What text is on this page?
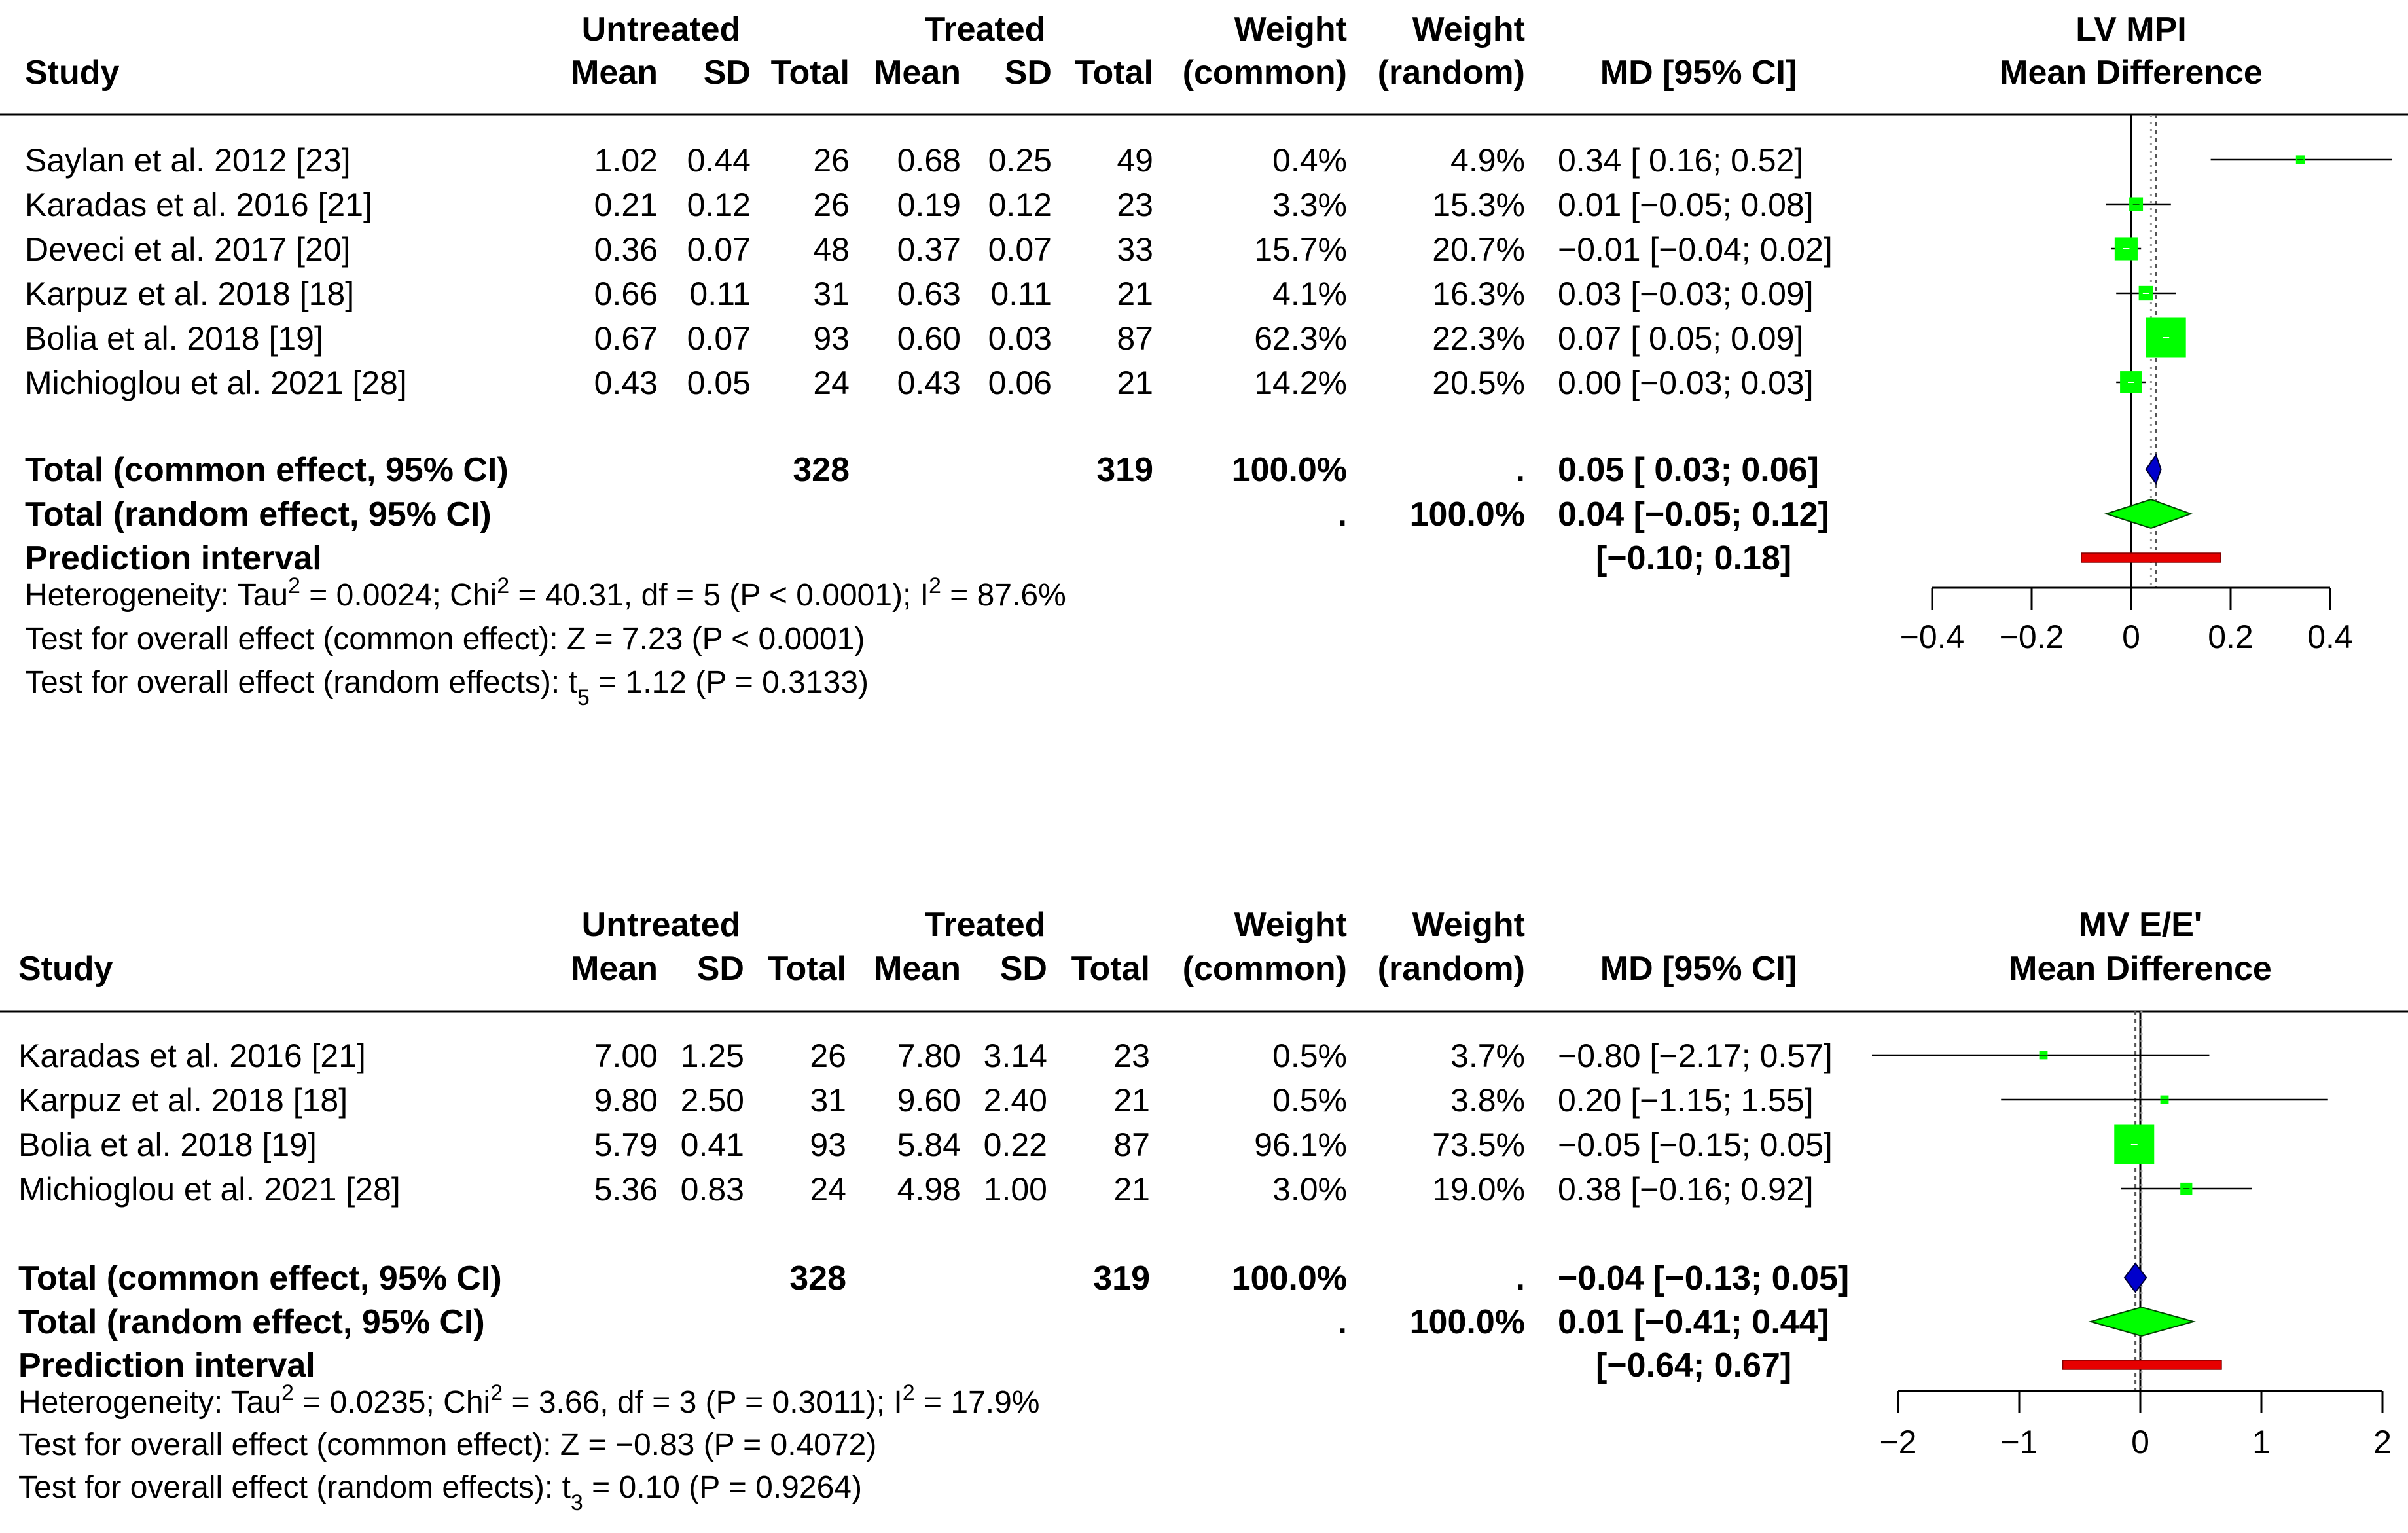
Untreated	Treated	Weight Weight	LV MPI
Study	Mean SD Total Mean SD Total (common) (random) MD [95% CI]	Mean Difference
Saylan et al. 2012 [23]	1.02 0.44 26 0.68 0.25 49	0.4%	4.9% 0.34 [ 0.16; 0.52]
Karadas et al. 2016 [21]	0.21 0.12 26 0.19 0.12 23	3.3%	15.3% 0.01 [−0.05; 0.08]
Deveci et al. 2017 [20]	0.36 0.07 48 0.37 0.07 33	15.7%	20.7% −0.01 [−0.04; 0.02]
Karpuz et al. 2018 [18]	0.66 0.11 31 0.63 0.11 21	4.1%	16.3% 0.03 [−0.03; 0.09]
Bolia et al. 2018 [19]	0.67 0.07 93 0.60 0.03 87	62.3%	22.3% 0.07 [ 0.05; 0.09]
Michioglou et al. 2021 [28]	0.43 0.05 24 0.43 0.06 21	14.2%	20.5% 0.00 [−0.03; 0.03]
Total (common effect, 95% CI)	328	319 100.0%	. 0.05 [ 0.03; 0.06]
Total (random effect, 95% CI)	. 100.0% 0.04 [−0.05; 0.12]
Prediction interval	[−0.10; 0.18]
−0.4 −0.2 0 0.2 0.4
Heterogeneity: Tau$^2$ = 0.0024; Chi$^2$ = 40.31, df = 5 (P < 0.0001); $I^2 = 87.6\%$
Test for overall effect (common effect): Z = 7.23 (P < 0.0001)
Test for overall effect (random effects): $t_5 = 1.12$ (P = 0.3133)
Untreated	Treated	Weight Weight	MV E/E'
Study	Mean SD Total Mean SD Total (common) (random) MD [95% CI]	Mean Difference
Karadas et al. 2016 [21]	7.00 1.25 26 7.80 3.14 23	0.5%	3.7% −0.80 [−2.17; 0.57]
Karpuz et al. 2018 [18]	9.80 2.50 31 9.60 2.40 21	0.5%	3.8% 0.20 [−1.15; 1.55]
Bolia et al. 2018 [19]	5.79 0.41 93 5.84 0.22 87	96.1%	73.5% −0.05 [−0.15; 0.05]
Michioglou et al. 2021 [28]	5.36 0.83 24 4.98 1.00 21	3.0%	19.0% 0.38 [−0.16; 0.92]
Total (common effect, 95% CI)	328	319 100.0%	. −0.04 [−0.13; 0.05]
Total (random effect, 95% CI)	. 100.0% 0.01 [−0.41; 0.44]
Prediction interval	[−0.64; 0.67]
−2	−1	0	1	2
Heterogeneity: Tau$^2$ = 0.0235; Chi$^2$ = 3.66, df = 3 (P = 0.3011); $I^2 = 17.9\%$
Test for overall effect (common effect): Z = −0.83 (P = 0.4072)
Test for overall effect (random effects): $t_3 = 0.10$ (P = 0.9264)
